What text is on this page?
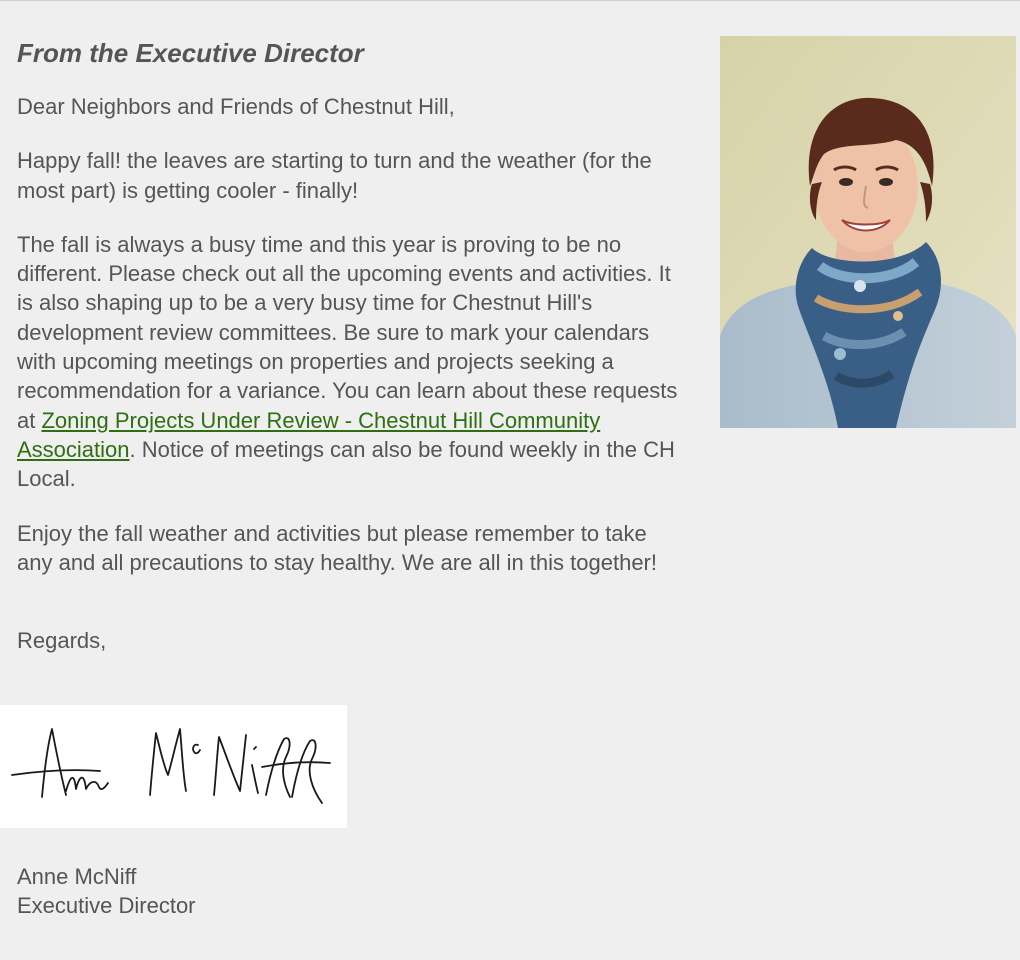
From the Executive Director

Dear Neighbors and Friends of Chestnut Hill,

Happy fall! the leaves are starting to turn and the weather (for the most part) is getting cooler - finally!

The fall is always a busy time and this year is proving to be no different. Please check out all the upcoming events and activities. It is also shaping up to be a very busy time for Chestnut Hill's development review committees. Be sure to mark your calendars with upcoming meetings on properties and projects seeking a recommendation for a variance. You can learn about these requests at Zoning Projects Under Review - Chestnut Hill Community Association. Notice of meetings can also be found weekly in the CH Local.

Enjoy the fall weather and activities but please remember to take any and all precautions to stay healthy. We are all in this together!

Regards,

Anne McNiff
Executive Director
